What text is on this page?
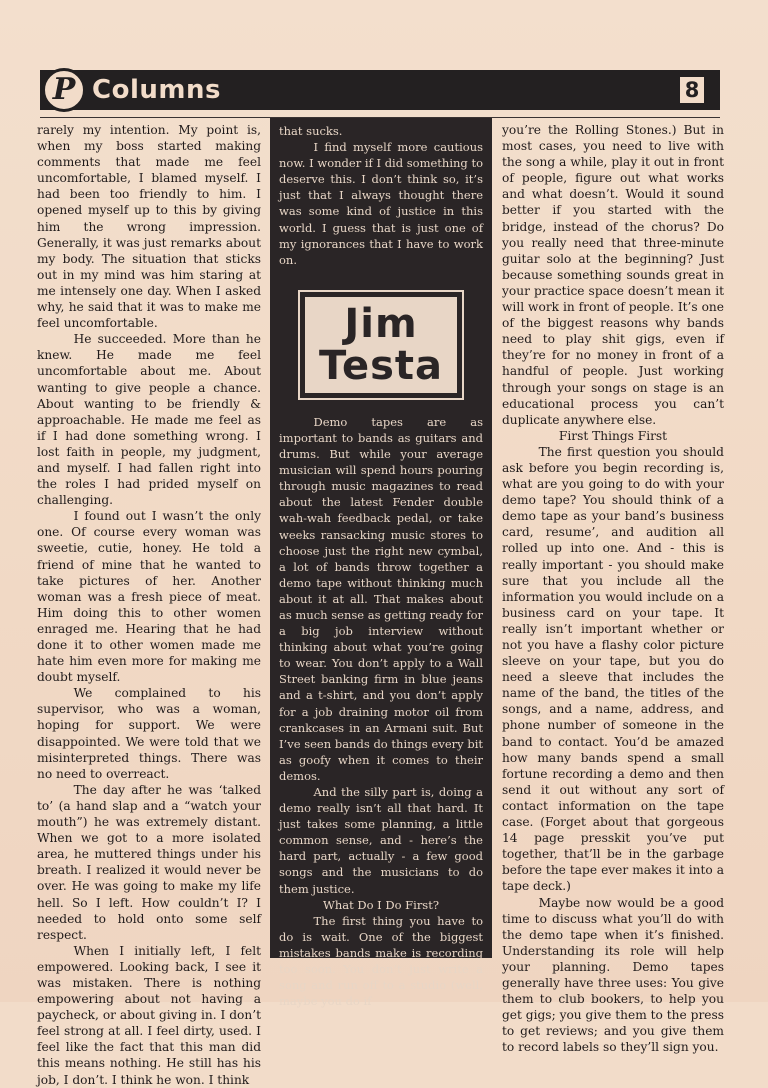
P Columns	8

rarely my intention. My point is, when my boss started making comments that made me feel uncomfortable, I blamed myself. I had been too friendly to him. I opened myself up to this by giving him the wrong impression. Generally, it was just remarks about my body. The situation that sticks out in my mind was him staring at me intensely one day. When I asked why, he said that it was to make me feel uncomfortable.

He succeeded. More than he knew. He made me feel uncomfortable about me. About wanting to give people a chance. About wanting to be friendly & approachable. He made me feel as if I had done something wrong. I lost faith in people, my judgment, and myself. I had fallen right into the roles I had prided myself on challenging.

I found out I wasn’t the only one. Of course every woman was sweetie, cutie, honey. He told a friend of mine that he wanted to take pictures of her. Another woman was a fresh piece of meat. Him doing this to other women enraged me. Hearing that he had done it to other women made me hate him even more for making me doubt myself.

We complained to his supervisor, who was a woman, hoping for support. We were disappointed. We were told that we misinterpreted things. There was no need to overreact.

The day after he was ‘talked to’ (a hand slap and a “watch your mouth”) he was extremely distant. When we got to a more isolated area, he muttered things under his breath. I realized it would never be over. He was going to make my life hell. So I left. How couldn’t I? I needed to hold onto some self respect.

When I initially left, I felt empowered. Looking back, I see it was mistaken. There is nothing empowering about not having a paycheck, or about giving in. I don’t feel strong at all. I feel dirty, used. I feel like the fact that this man did this means nothing. He still has his job, I don’t. I think he won. I think

that sucks.

I find myself more cautious now. I wonder if I did something to deserve this. I don’t think so, it’s just that I always thought there was some kind of justice in this world. I guess that is just one of my ignorances that I have to work on.

Jim
Testa

Demo tapes are as important to bands as guitars and drums. But while your average musician will spend hours pouring through music magazines to read about the latest Fender double wah-wah feedback pedal, or take weeks ransacking music stores to choose just the right new cymbal, a lot of bands throw together a demo tape without thinking much about it at all. That makes about as much sense as getting ready for a big job interview without thinking about what you’re going to wear. You don’t apply to a Wall Street banking firm in blue jeans and a t-shirt, and you don’t apply for a job draining motor oil from crankcases in an Armani suit. But I’ve seen bands do things every bit as goofy when it comes to their demos.

And the silly part is, doing a demo really isn’t all that hard. It just takes some planning, a little common sense, and - here’s the hard part, actually - a few good songs and the musicians to do them justice.

What Do I Do First?

The first thing you have to do is wait. One of the biggest mistakes bands make is recording too soon. You don’t just write a song and run off to a studio (well, maybe you do if

you’re the Rolling Stones.) But in most cases, you need to live with the song a while, play it out in front of people, figure out what works and what doesn’t. Would it sound better if you started with the bridge, instead of the chorus? Do you really need that three-minute guitar solo at the beginning? Just because something sounds great in your practice space doesn’t mean it will work in front of people. It’s one of the biggest reasons why bands need to play shit gigs, even if they’re for no money in front of a handful of people. Just working through your songs on stage is an educational process you can’t duplicate anywhere else.

First Things First

The first question you should ask before you begin recording is, what are you going to do with your demo tape? You should think of a demo tape as your band’s business card, resume’, and audition all rolled up into one. And - this is really important - you should make sure that you include all the information you would include on a business card on your tape. It really isn’t important whether or not you have a flashy color picture sleeve on your tape, but you do need a sleeve that includes the name of the band, the titles of the songs, and a name, address, and phone number of someone in the band to contact. You’d be amazed how many bands spend a small fortune recording a demo and then send it out without any sort of contact information on the tape case. (Forget about that gorgeous 14 page presskit you’ve put together, that’ll be in the garbage before the tape ever makes it into a tape deck.)

Maybe now would be a good time to discuss what you’ll do with the demo tape when it’s finished. Understanding its role will help your planning. Demo tapes generally have three uses: You give them to club bookers, to help you get gigs; you give them to the press to get reviews; and you give them to record labels so they’ll sign you.
